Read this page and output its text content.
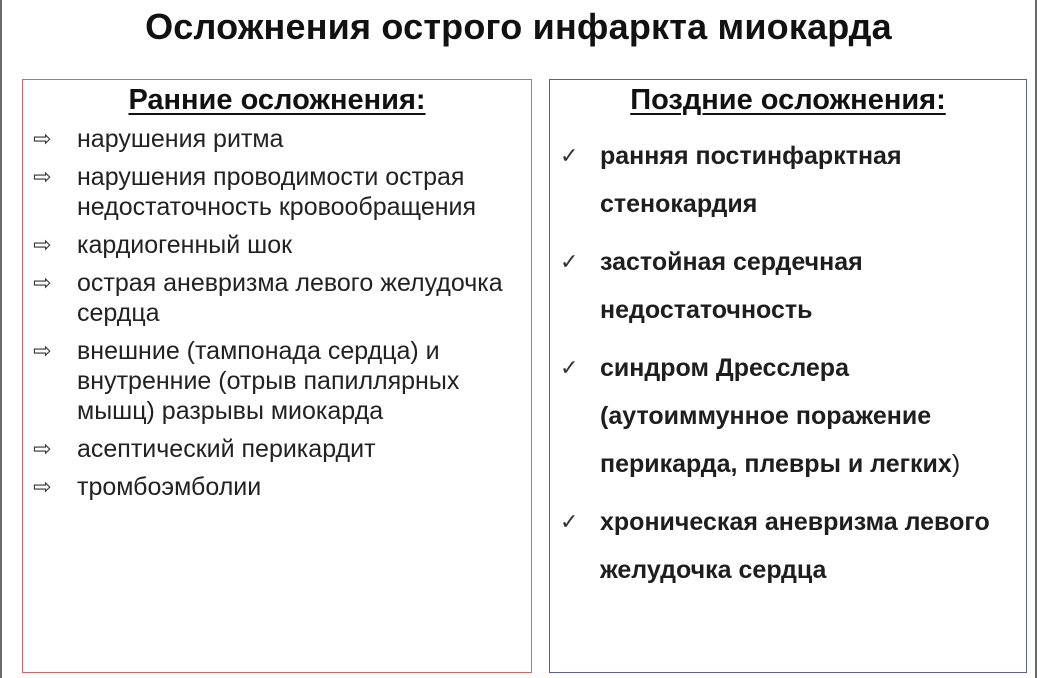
Осложнения острого инфаркта миокарда
Ранние осложнения:
⇨ нарушения ритма
⇨ нарушения проводимости острая недостаточность кровообращения
⇨ кардиогенный шок
⇨ острая аневризма левого желудочка сердца
⇨ внешние (тампонада сердца) и внутренние (отрыв папиллярных мышц) разрывы миокарда
⇨ асептический перикардит
⇨ тромбоэмболии
Поздние осложнения:
✓ ранняя постинфарктная стенокардия
✓ застойная сердечная недостаточность
✓ синдром Дресслера (аутоиммунное поражение перикарда, плевры и легких)
✓ хроническая аневризма левого желудочка сердца
